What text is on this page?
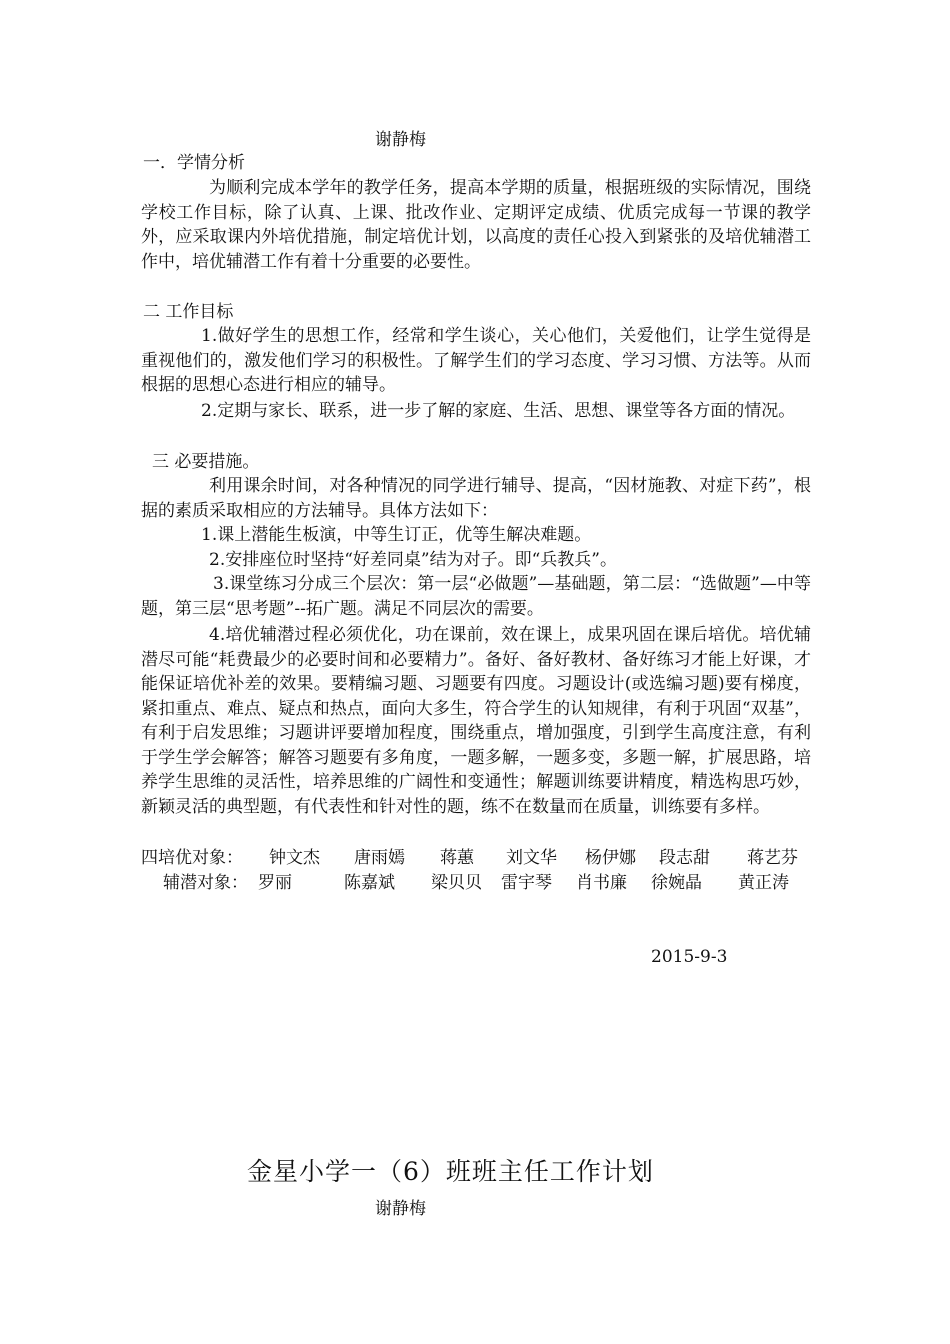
谢静梅
一．学情分析
为顺利完成本学年的教学任务，提高本学期的质量，根据班级的实际情况，围绕学校工作目标，除了认真、上课、批改作业、定期评定成绩、优质完成每一节课的教学外，应采取课内外培优措施，制定培优计划，以高度的责任心投入到紧张的及培优辅潜工作中，培优辅潜工作有着十分重要的必要性。
二 工作目标
1.做好学生的思想工作，经常和学生谈心，关心他们，关爱他们，让学生觉得是重视他们的，激发他们学习的积极性。了解学生们的学习态度、学习习惯、方法等。从而根据的思想心态进行相应的辅导。
2.定期与家长、联系，进一步了解的家庭、生活、思想、课堂等各方面的情况。
三 必要措施。
利用课余时间，对各种情况的同学进行辅导、提高，“因材施教、对症下药”，根据的素质采取相应的方法辅导。具体方法如下：
1.课上潜能生板演，中等生订正，优等生解决难题。
2.安排座位时坚持“好差同桌”结为对子。即“兵教兵”。
3.课堂练习分成三个层次：第一层“必做题”—基础题，第二层：“选做题”—中等题，第三层“思考题”--拓广题。满足不同层次的需要。
4.培优辅潜过程必须优化，功在课前，效在课上，成果巩固在课后培优。培优辅潜尽可能“耗费最少的必要时间和必要精力”。备好、备好教材、备好练习才能上好课，才能保证培优补差的效果。要精编习题、习题要有四度。习题设计(或选编习题)要有梯度，紧扣重点、难点、疑点和热点，面向大多生，符合学生的认知规律，有利于巩固“双基”，有利于启发思维；习题讲评要增加程度，围绕重点，增加强度，引到学生高度注意，有利于学生学会解答；解答习题要有多角度，一题多解，一题多变，多题一解，扩展思路，培养学生思维的灵活性，培养思维的广阔性和变通性；解题训练要讲精度，精选构思巧妙，新颖灵活的典型题，有代表性和针对性的题，练不在数量而在质量，训练要有多样。
四培优对象： 钟文杰 唐雨嫣 蒋蕙 刘文华 杨伊娜 段志甜 蒋艺芬
辅潜对象： 罗丽	陈嘉斌 梁贝贝 雷宇琴 肖书廉 徐婉晶 黄正涛
2015-9-3
金星小学一（6）班班主任工作计划
谢静梅
